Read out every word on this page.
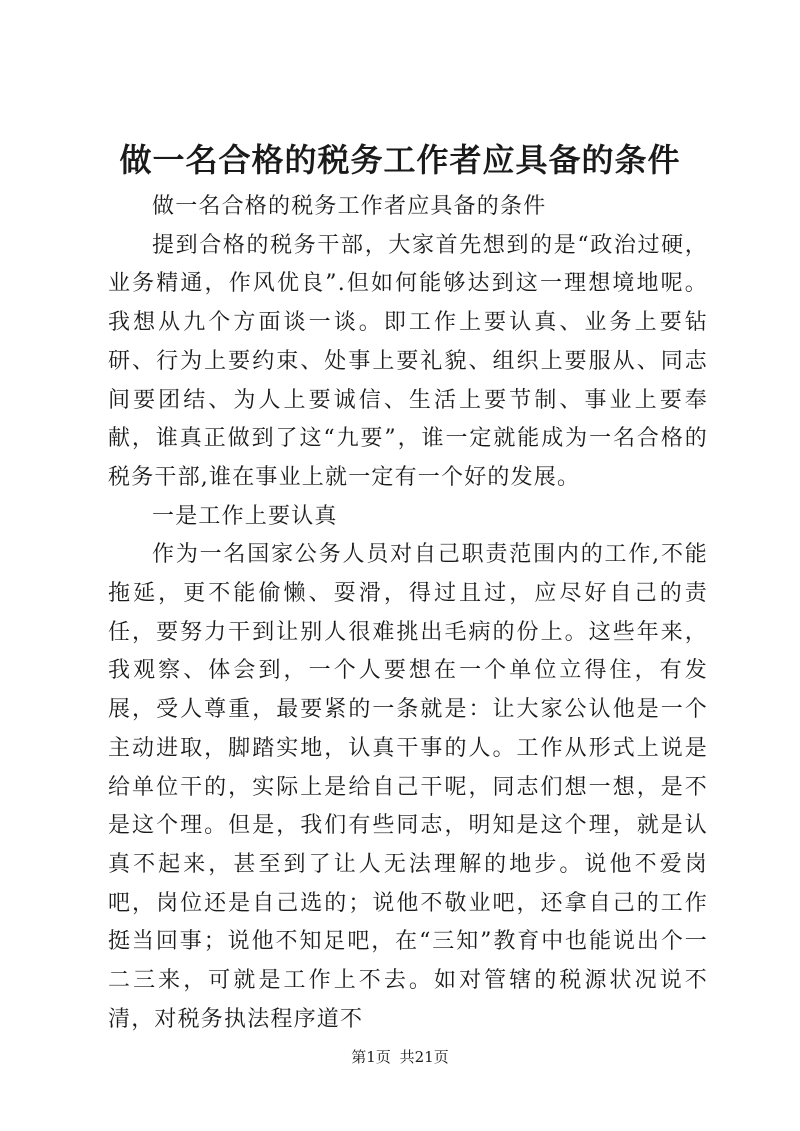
做一名合格的税务工作者应具备的条件

做一名合格的税务工作者应具备的条件

提到合格的税务干部，大家首先想到的是“政治过硬，业务精通，作风优良”.但如何能够达到这一理想境地呢。我想从九个方面谈一谈。即工作上要认真、业务上要钻研、行为上要约束、处事上要礼貌、组织上要服从、同志间要团结、为人上要诚信、生活上要节制、事业上要奉献，谁真正做到了这“九要”，谁一定就能成为一名合格的税务干部,谁在事业上就一定有一个好的发展。

一是工作上要认真

作为一名国家公务人员对自己职责范围内的工作,不能拖延，更不能偷懒、耍滑，得过且过，应尽好自己的责任，要努力干到让别人很难挑出毛病的份上。这些年来，我观察、体会到，一个人要想在一个单位立得住，有发展，受人尊重，最要紧的一条就是：让大家公认他是一个主动进取，脚踏实地，认真干事的人。工作从形式上说是给单位干的，实际上是给自己干呢，同志们想一想，是不是这个理。但是，我们有些同志，明知是这个理，就是认真不起来，甚至到了让人无法理解的地步。说他不爱岗吧，岗位还是自己选的；说他不敬业吧，还拿自己的工作挺当回事；说他不知足吧，在“三知”教育中也能说出个一二三来，可就是工作上不去。如对管辖的税源状况说不清，对税务执法程序道不

第1页 共21页
